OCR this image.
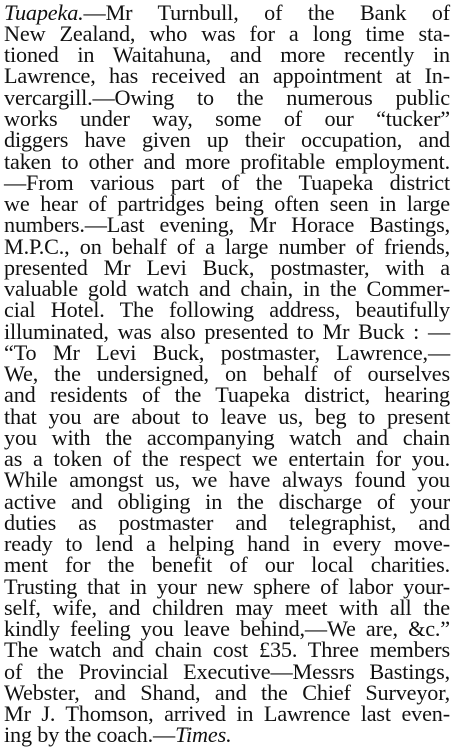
Tuapeka.—Mr Turnbull, of the Bank of
New Zealand, who was for a long time sta-
tioned in Waitahuna, and more recently in
Lawrence, has received an appointment at In-
vercargill.—Owing to the numerous public
works under way, some of our “tucker”
diggers have given up their occupation, and
taken to other and more profitable employment.
—From various part of the Tuapeka district
we hear of partridges being often seen in large
numbers.—Last evening, Mr Horace Bastings,
M.P.C., on behalf of a large number of friends,
presented Mr Levi Buck, postmaster, with a
valuable gold watch and chain, in the Commer-
cial Hotel. The following address, beautifully
illuminated, was also presented to Mr Buck : —
“To Mr Levi Buck, postmaster, Lawrence,—
We, the undersigned, on behalf of ourselves
and residents of the Tuapeka district, hearing
that you are about to leave us, beg to present
you with the accompanying watch and chain
as a token of the respect we entertain for you.
While amongst us, we have always found you
active and obliging in the discharge of your
duties as postmaster and telegraphist, and
ready to lend a helping hand in every move-
ment for the benefit of our local charities.
Trusting that in your new sphere of labor your-
self, wife, and children may meet with all the
kindly feeling you leave behind,—We are, &c.”
The watch and chain cost £35. Three members
of the Provincial Executive—Messrs Bastings,
Webster, and Shand, and the Chief Surveyor,
Mr J. Thomson, arrived in Lawrence last even-
ing by the coach.—Times.
